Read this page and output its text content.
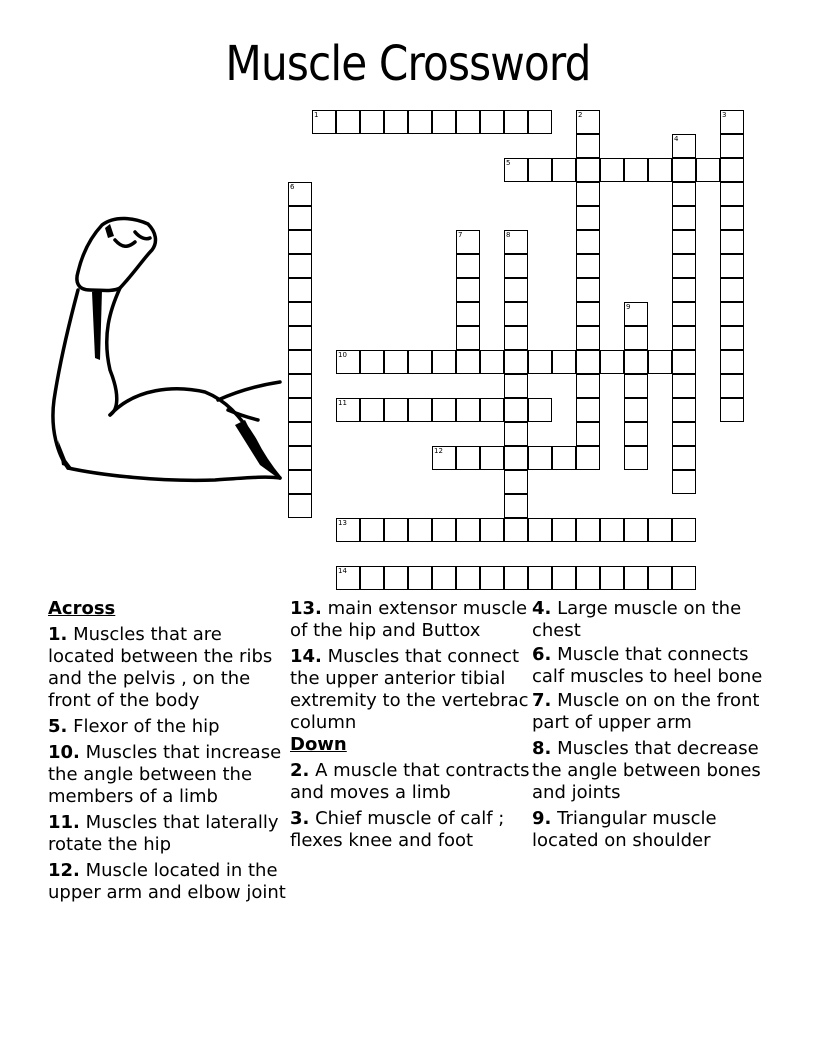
Muscle Crossword
1	2	3
4
5
6
7	8
9
10
11
12
13
14
Across
1. Muscles that are located between the ribs and the pelvis , on the front of the body
5. Flexor of the hip
10. Muscles that increase the angle between the members of a limb
11. Muscles that laterally rotate the hip
12. Muscle located in the upper arm and elbow joint
13. main extensor muscle of the hip and Buttox
14. Muscles that connect the upper anterior tibial extremity to the vertebrac column
Down
2. A muscle that contracts and moves a limb
3. Chief muscle of calf ; flexes knee and foot
4. Large muscle on the chest
6. Muscle that connects calf muscles to heel bone
7. Muscle on on the front part of upper arm
8. Muscles that decrease the angle between bones and joints
9. Triangular muscle located on shoulder
